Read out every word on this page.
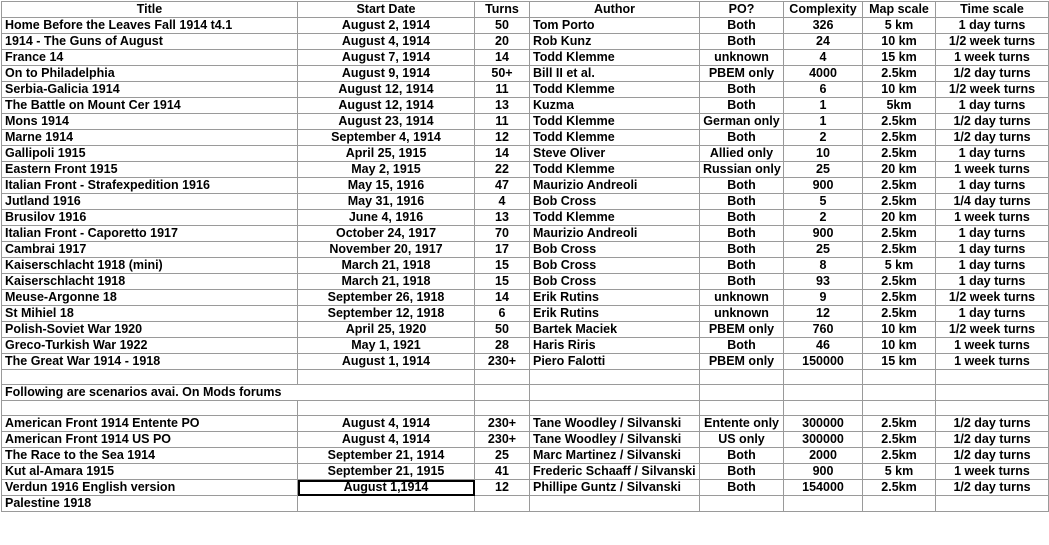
Title	Start Date	Turns	Author	PO?	Complexity	Map scale	Time scale
Home Before the Leaves Fall 1914 t4.1	August 2, 1914	50	Tom Porto	Both	326	5 km	1 day turns
1914 - The Guns of August	August 4, 1914	20	Rob Kunz	Both	24	10 km	1/2 week turns
France 14	August 7, 1914	14	Todd Klemme	unknown	4	15 km	1 week turns
On to Philadelphia	August 9, 1914	50+	Bill II et al.	PBEM only	4000	2.5km	1/2 day turns
Serbia-Galicia 1914	August 12, 1914	11	Todd Klemme	Both	6	10 km	1/2 week turns
The Battle on Mount Cer 1914	August 12, 1914	13	Kuzma	Both	1	5km	1 day turns
Mons 1914	August 23, 1914	11	Todd Klemme	German only	1	2.5km	1/2 day turns
Marne 1914	September 4, 1914	12	Todd Klemme	Both	2	2.5km	1/2 day turns
Gallipoli 1915	April 25, 1915	14	Steve Oliver	Allied only	10	2.5km	1 day turns
Eastern Front 1915	May 2, 1915	22	Todd Klemme	Russian only	25	20 km	1 week turns
Italian Front - Strafexpedition 1916	May 15, 1916	47	Maurizio Andreoli	Both	900	2.5km	1 day turns
Jutland 1916	May 31, 1916	4	Bob Cross	Both	5	2.5km	1/4 day turns
Brusilov 1916	June 4, 1916	13	Todd Klemme	Both	2	20 km	1 week turns
Italian Front - Caporetto 1917	October 24, 1917	70	Maurizio Andreoli	Both	900	2.5km	1 day turns
Cambrai 1917	November 20, 1917	17	Bob Cross	Both	25	2.5km	1 day turns
Kaiserschlacht 1918 (mini)	March 21, 1918	15	Bob Cross	Both	8	5 km	1 day turns
Kaiserschlacht 1918	March 21, 1918	15	Bob Cross	Both	93	2.5km	1 day turns
Meuse-Argonne 18	September 26, 1918	14	Erik Rutins	unknown	9	2.5km	1/2 week turns
St Mihiel 18	September 12, 1918	6	Erik Rutins	unknown	12	2.5km	1 day turns
Polish-Soviet War 1920	April 25, 1920	50	Bartek Maciek	PBEM only	760	10 km	1/2 week turns
Greco-Turkish War 1922	May 1, 1921	28	Haris Riris	Both	46	10 km	1 week turns
The Great War 1914 - 1918	August 1, 1914	230+	Piero Falotti	PBEM only	150000	15 km	1 week turns

Following are scenarios avai. On Mods forums							

American Front 1914 Entente PO	August 4, 1914	230+	Tane Woodley / Silvanski	Entente only	300000	2.5km	1/2 day turns
American Front 1914 US PO	August 4, 1914	230+	Tane Woodley / Silvanski	US only	300000	2.5km	1/2 day turns
The Race to the Sea 1914	September 21, 1914	25	Marc Martinez / Silvanski	Both	2000	2.5km	1/2 day turns
Kut al-Amara 1915	September 21, 1915	41	Frederic Schaaff / Silvanski	Both	900	5 km	1 week turns
Verdun 1916 English version	August 1,1914	12	Phillipe Guntz / Silvanski	Both	154000	2.5km	1/2 day turns
Palestine 1918							
